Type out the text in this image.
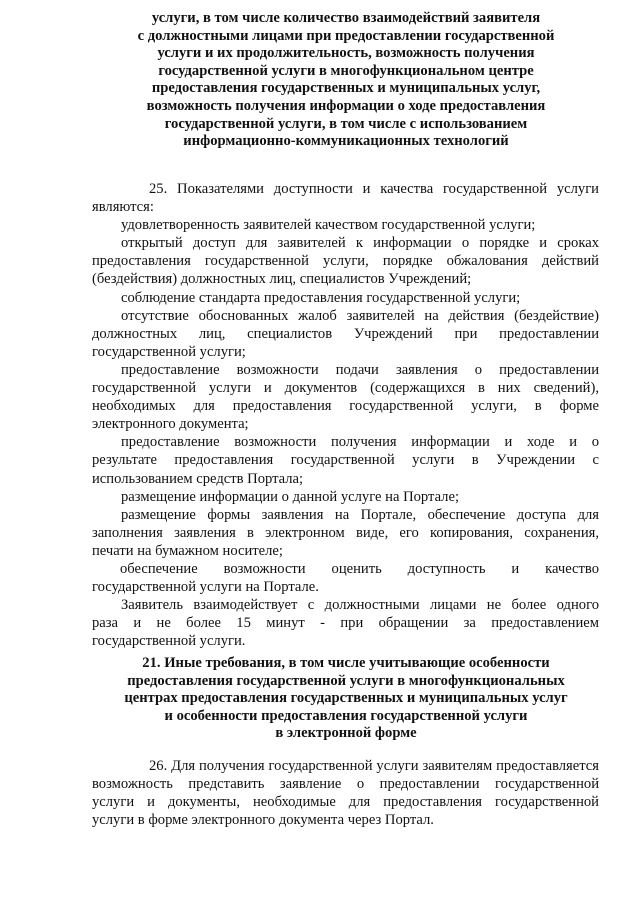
услуги, в том числе количество взаимодействий заявителя
с должностными лицами при предоставлении государственной
услуги и их продолжительность, возможность получения
государственной услуги в многофункциональном центре
предоставления государственных и муниципальных услуг,
возможность получения информации о ходе предоставления
государственной услуги, в том числе с использованием
информационно-коммуникационных технологий
25. Показателями доступности и качества государственной услуги
являются:
удовлетворенность заявителей качеством государственной услуги;
открытый доступ для заявителей к информации о порядке и сроках
предоставления государственной услуги, порядке обжалования действий
(бездействия) должностных лиц, специалистов Учреждений;
соблюдение стандарта предоставления государственной услуги;
отсутствие обоснованных жалоб заявителей на действия (бездействие)
должностных лиц, специалистов Учреждений при предоставлении
государственной услуги;
предоставление возможности подачи заявления о предоставлении
государственной услуги и документов (содержащихся в них сведений),
необходимых для предоставления государственной услуги, в форме
электронного документа;
предоставление возможности получения информации и ходе и о
результате предоставления государственной услуги в Учреждении с
использованием средств Портала;
размещение информации о данной услуге на Портале;
размещение формы заявления на Портале, обеспечение доступа для
заполнения заявления в электронном виде, его копирования, сохранения,
печати на бумажном носителе;
обеспечение возможности оценить доступность и качество
государственной услуги на Портале.
Заявитель взаимодействует с должностными лицами не более одного
раза и не более 15 минут - при обращении за предоставлением
государственной услуги.
21. Иные требования, в том числе учитывающие особенности
предоставления государственной услуги в многофункциональных
центрах предоставления государственных и муниципальных услуг
и особенности предоставления государственной услуги
в электронной форме
26. Для получения государственной услуги заявителям предоставляется
возможность представить заявление о предоставлении государственной
услуги и документы, необходимые для предоставления государственной
услуги в форме электронного документа через Портал.
